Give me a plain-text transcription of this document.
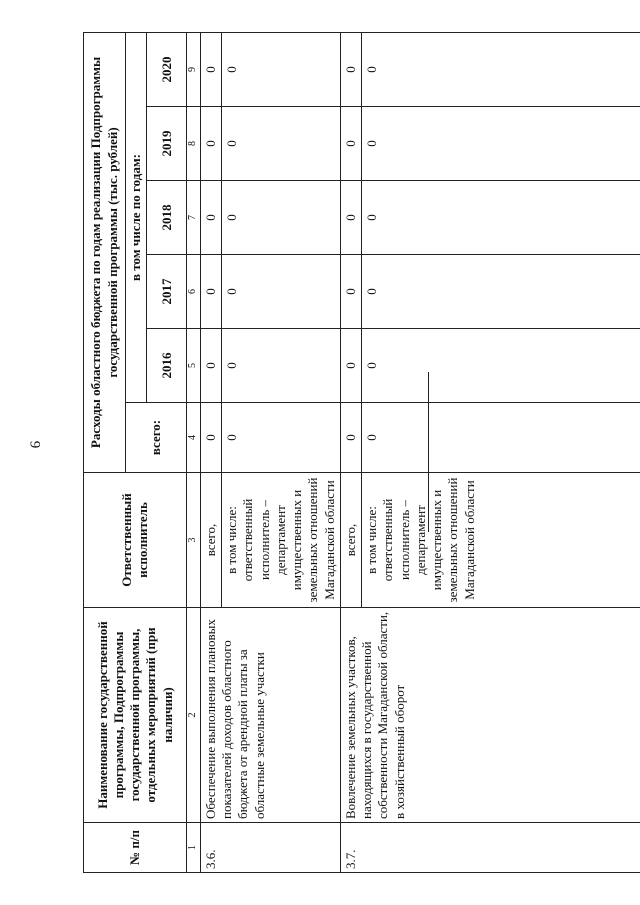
9
№ п/п	Наименование государственной программы, Подпрограммы государственной программы, отдельных мероприятий (при наличии)	Ответственный исполнитель	Расходы областного бюджета по годам реализации Подпрограммы государственной программы (тыс. рублей)					
			всего:	в том числе по годам:				
				2016	2017	2018	2019	2020
1	2	3	4	5	6	7	8	9
3.6.	Обеспечение выполнения плановых показателей доходов областного бюджета от арендной платы за областные земельные участки	всего,	0	0	0	0	0	0
		в том числе: ответственный исполнитель – департамент имущественных и земельных отношений Магаданской области	0	0	0	0	0	0
3.7.	Вовлечение земельных участков, находящихся в государственной собственности Магаданской области, в хозяйственный оборот	всего,	0	0	0	0	0	0
		в том числе: ответственный исполнитель – департамент имущественных и земельных отношений Магаданской области	0	0	0	0	0	0
